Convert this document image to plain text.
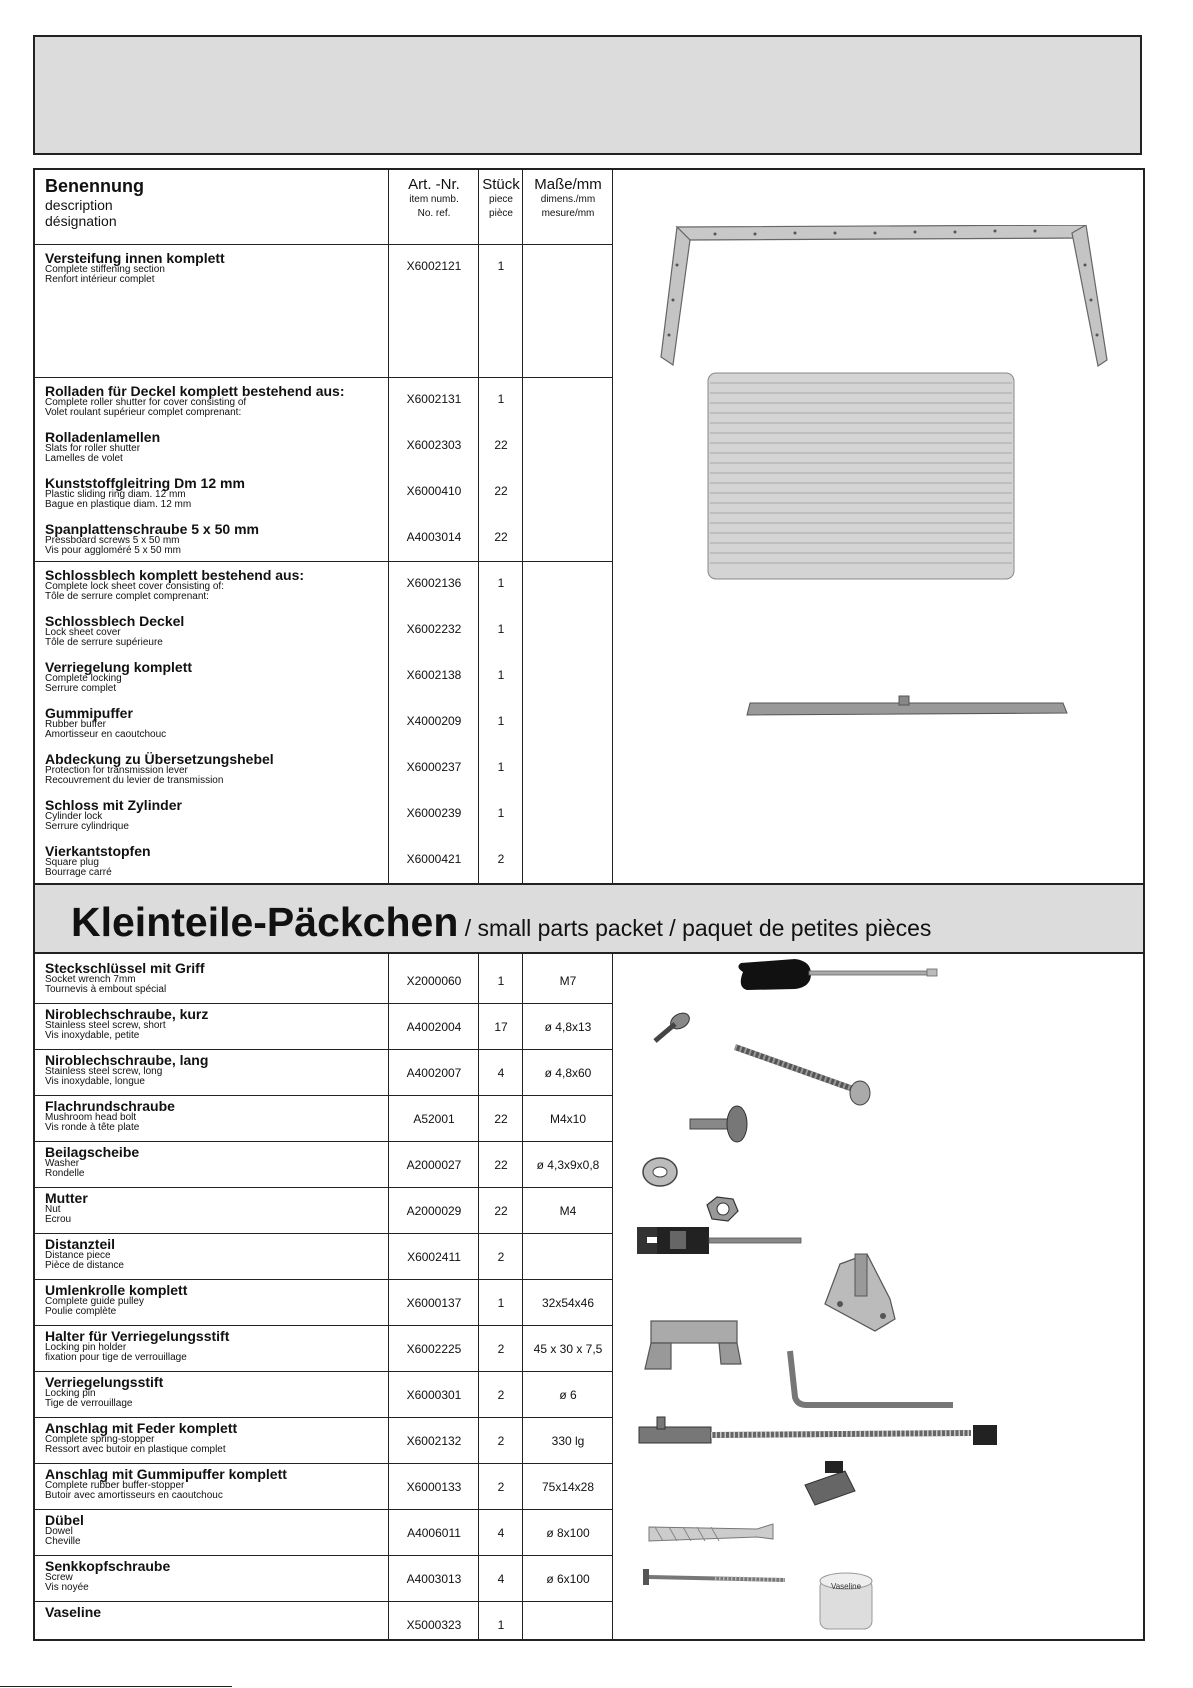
Benennung
description
désignation
Art. -Nr.
item numb.
No. ref.
Stück
piece
pièce
Maße/mm
dimens./mm
mesure/mm
Versteifung innen komplett
Complete stiffening section
Renfort intérieur complet
X6002121	1
Rolladen für Deckel komplett bestehend aus:
Complete roller shutter for cover consisting of
Volet roulant supérieur complet comprenant:
X6002131	1
Rolladenlamellen
Slats for roller shutter
Lamelles de volet
X6002303	22
Kunststoffgleitring Dm 12 mm
Plastic sliding ring diam. 12 mm
Bague en plastique diam. 12 mm
X6000410	22
Spanplattenschraube 5 x 50 mm
Pressboard screws 5 x 50 mm
Vis pour aggloméré 5 x 50 mm
A4003014	22
Schlossblech komplett bestehend aus:
Complete lock sheet cover consisting of:
Tôle de serrure complet comprenant:
X6002136	1
Schlossblech Deckel
Lock sheet cover
Tôle de serrure supérieure
X6002232	1
Verriegelung komplett
Complete locking
Serrure complet
X6002138	1
Gummipuffer
Rubber buffer
Amortisseur en caoutchouc
X4000209	1
Abdeckung zu Übersetzungshebel
Protection for transmission lever
Recouvrement du levier de transmission
X6000237	1
Schloss mit Zylinder
Cylinder lock
Serrure cylindrique
X6000239	1
Vierkantstopfen
Square plug
Bourrage carré
X6000421	2
Kleinteile-Päckchen / small parts packet / paquet de petites pièces
Steckschlüssel mit Griff
Socket wrench 7mm
Tournevis à embout spécial
X2000060	1	M7
Niroblechschraube, kurz
Stainless steel screw, short
Vis inoxydable, petite
A4002004	17	ø 4,8x13
Niroblechschraube, lang
Stainless steel screw, long
Vis inoxydable, longue
A4002007	4	ø 4,8x60
Flachrundschraube
Mushroom head bolt
Vis ronde à tête plate
A52001	22	M4x10
Beilagscheibe
Washer
Rondelle
A2000027	22	ø 4,3x9x0,8
Mutter
Nut
Ecrou
A2000029	22	M4
Distanzteil
Distance piece
Pièce de distance
X6002411	2
Umlenkrolle komplett
Complete guide pulley
Poulie complète
X6000137	1	32x54x46
Halter für Verriegelungsstift
Locking pin holder
fixation pour tige de verrouillage
X6002225	2	45 x 30 x 7,5
Verriegelungsstift
Locking pin
Tige de verrouillage
X6000301	2	ø 6
Anschlag mit Feder komplett
Complete spring-stopper
Ressort avec butoir en plastique complet
X6002132	2	330 lg
Anschlag mit Gummipuffer komplett
Complete rubber buffer-stopper
Butoir avec amortisseurs en caoutchouc
X6000133	2	75x14x28
Dübel
Dowel
Cheville
A4006011	4	ø 8x100
Senkkopfschraube
Screw
Vis noyée
A4003013	4	ø 6x100
Vaseline
X5000323	1
Vaseline
